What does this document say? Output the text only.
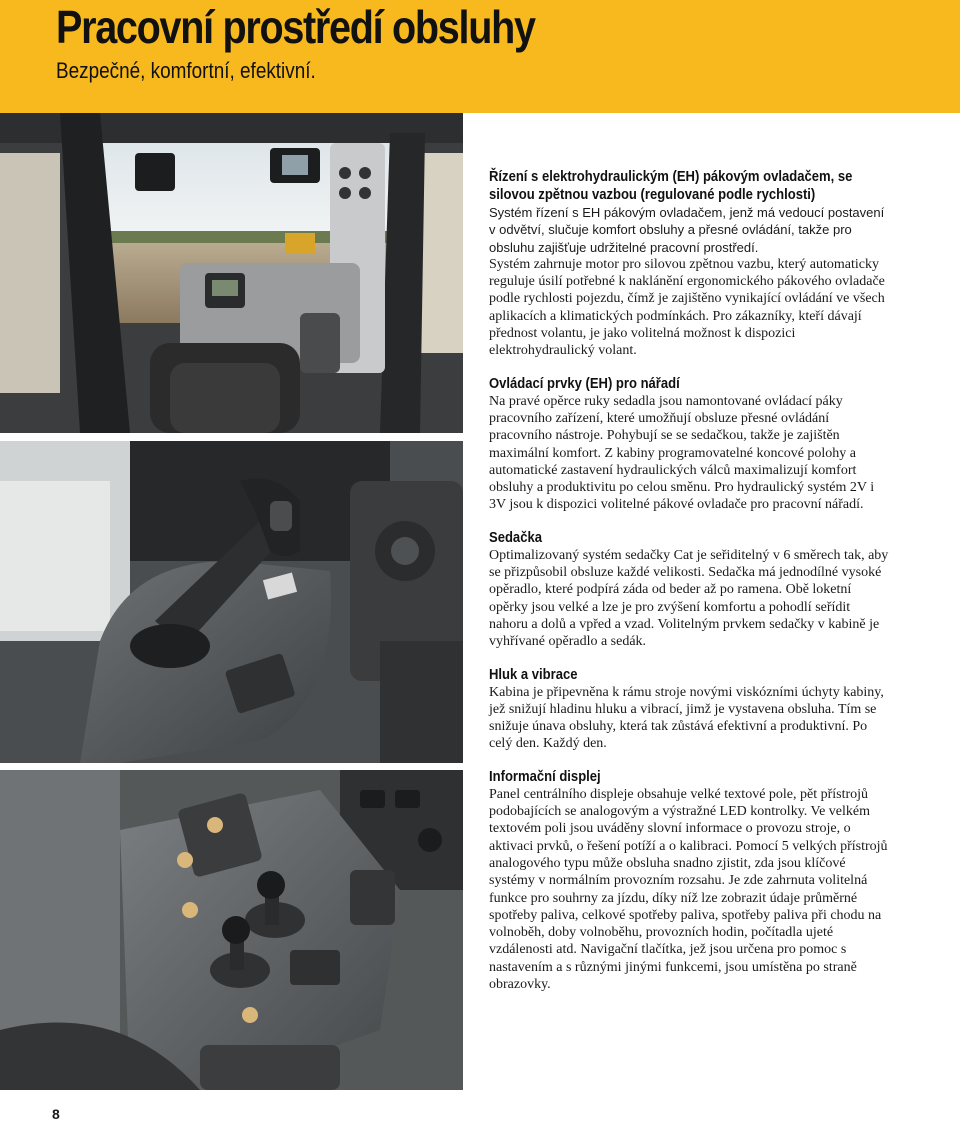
Pracovní prostředí obsluhy
Bezpečné, komfortní, efektivní.
Řízení s elektrohydraulickým (EH) pákovým ovladačem, se silovou zpětnou vazbou (regulované podle rychlosti)

Systém řízení s EH pákovým ovladačem, jenž má vedoucí postavení v odvětví, slučuje komfort obsluhy a přesné ovládání, takže pro obsluhu zajišťuje udržitelné pracovní prostředí.

Systém zahrnuje motor pro silovou zpětnou vazbu, který automaticky reguluje úsilí potřebné k naklánění ergonomického pákového ovladače podle rychlosti pojezdu, čímž je zajištěno vynikající ovládání ve všech aplikacích a klimatických podmínkách. Pro zákazníky, kteří dávají přednost volantu, je jako volitelná možnost k dispozici elektrohydraulický volant.

Ovládací prvky (EH) pro nářadí

Na pravé opěrce ruky sedadla jsou namontované ovládací páky pracovního zařízení, které umožňují obsluze přesné ovládání pracovního nástroje. Pohybují se se sedačkou, takže je zajištěn maximální komfort. Z kabiny programovatelné koncové polohy a automatické zastavení hydraulických válců maximalizují komfort obsluhy a produktivitu po celou směnu. Pro hydraulický systém 2V i 3V jsou k dispozici volitelné pákové ovladače pro pracovní nářadí.

Sedačka

Optimalizovaný systém sedačky Cat je seřiditelný v 6 směrech tak, aby se přizpůsobil obsluze každé velikosti. Sedačka má jednodílné vysoké opěradlo, které podpírá záda od beder až po ramena. Obě loketní opěrky jsou velké a lze je pro zvýšení komfortu a pohodlí seřídit nahoru a dolů a vpřed a vzad. Volitelným prvkem sedačky v kabině je vyhřívané opěradlo a sedák.

Hluk a vibrace

Kabina je připevněna k rámu stroje novými viskózními úchyty kabiny, jež snižují hladinu hluku a vibrací, jimž je vystavena obsluha. Tím se snižuje únava obsluhy, která tak zůstává efektivní a produktivní. Po celý den. Každý den.

Informační displej

Panel centrálního displeje obsahuje velké textové pole, pět přístrojů podobajících se analogovým a výstražné LED kontrolky. Ve velkém textovém poli jsou uváděny slovní informace o provozu stroje, o aktivaci prvků, o řešení potíží a o kalibraci. Pomocí 5 velkých přístrojů analogového typu může obsluha snadno zjistit, zda jsou klíčové systémy v normálním provozním rozsahu. Je zde zahrnuta volitelná funkce pro souhrny za jízdu, díky níž lze zobrazit údaje průměrné spotřeby paliva, celkové spotřeby paliva, spotřeby paliva při chodu na volnoběh, doby volnoběhu, provozních hodin, počítadla ujeté vzdálenosti atd. Navigační tlačítka, jež jsou určena pro pomoc s nastavením a s různými jinými funkcemi, jsou umístěna po straně obrazovky.

8
